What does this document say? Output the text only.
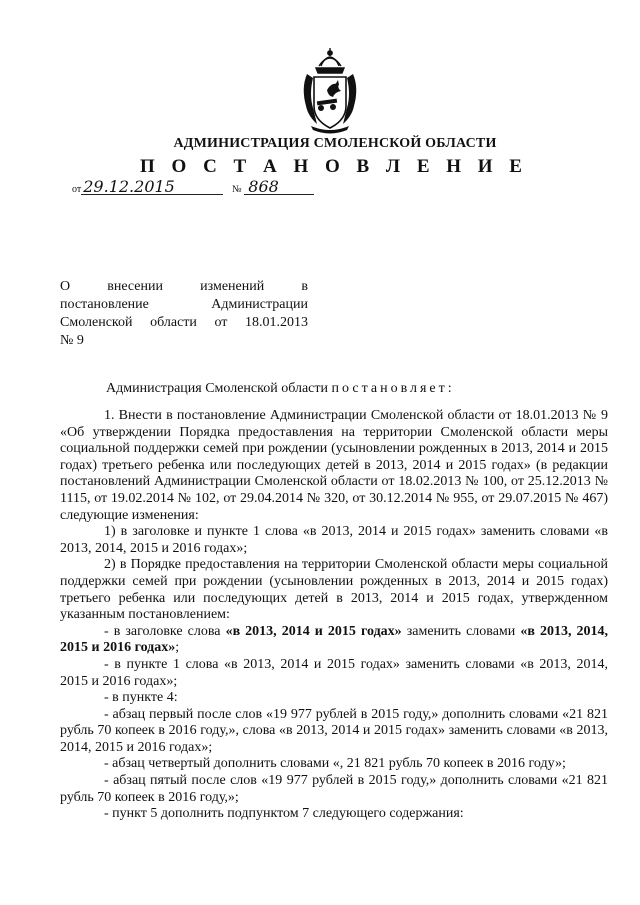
АДМИНИСТРАЦИЯ СМОЛЕНСКОЙ ОБЛАСТИ
П О С Т А Н О В Л Е Н И Е
от 29.12.2015	№ 868
О внесении изменений в
постановление Администрации
Смоленской области от 18.01.2013
№ 9
Администрация Смоленской области постановляет:

1. Внести в постановление Администрации Смоленской области от 18.01.2013 № 9 «Об утверждении Порядка предоставления на территории Смоленской области меры социальной поддержки семей при рождении (усыновлении рожденных в 2013, 2014 и 2015 годах) третьего ребенка или последующих детей в 2013, 2014 и 2015 годах» (в редакции постановлений Администрации Смоленской области от 18.02.2013 № 100, от 25.12.2013 № 1115, от 19.02.2014 № 102, от 29.04.2014 № 320, от 30.12.2014 № 955, от 29.07.2015 № 467) следующие изменения:

1) в заголовке и пункте 1 слова «в 2013, 2014 и 2015 годах» заменить словами «в 2013, 2014, 2015 и 2016 годах»;

2) в Порядке предоставления на территории Смоленской области меры социальной поддержки семей при рождении (усыновлении рожденных в 2013, 2014 и 2015 годах) третьего ребенка или последующих детей в 2013, 2014 и 2015 годах, утвержденном указанным постановлением:

- в заголовке слова «в 2013, 2014 и 2015 годах» заменить словами «в 2013, 2014, 2015 и 2016 годах»;

- в пункте 1 слова «в 2013, 2014 и 2015 годах» заменить словами «в 2013, 2014, 2015 и 2016 годах»;

- в пункте 4:

- абзац первый после слов «19 977 рублей в 2015 году,» дополнить словами «21 821 рубль 70 копеек в 2016 году,», слова «в 2013, 2014 и 2015 годах» заменить словами «в 2013, 2014, 2015 и 2016 годах»;

- абзац четвертый дополнить словами «, 21 821 рубль 70 копеек в 2016 году»;

- абзац пятый после слов «19 977 рублей в 2015 году,» дополнить словами «21 821 рубль 70 копеек в 2016 году,»;

- пункт 5 дополнить подпунктом 7 следующего содержания:
